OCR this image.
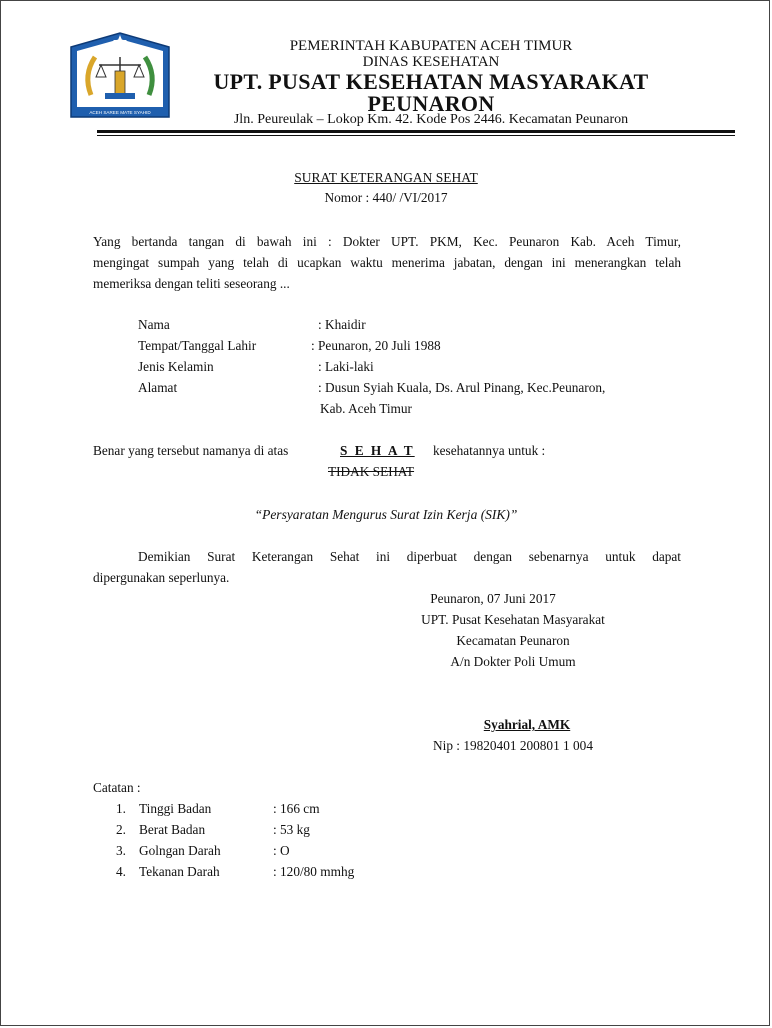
ACEH SAREE MATE SYAHID
PEMERINTAH KABUPATEN ACEH TIMUR
DINAS KESEHATAN
UPT. PUSAT KESEHATAN MASYARAKAT
PEUNARON
Jln. Peureulak – Lokop Km. 42. Kode Pos 2446. Kecamatan Peunaron
SURAT KETERANGAN SEHAT
Nomor : 440/ /VI/2017
Yang bertanda tangan di bawah ini : Dokter UPT. PKM, Kec. Peunaron Kab. Aceh Timur,
mengingat sumpah yang telah di ucapkan waktu menerima jabatan, dengan ini menerangkan telah
memeriksa dengan teliti seseorang ...
Nama	: Khaidir
Tempat/Tanggal Lahir	: Peunaron, 20 Juli 1988
Jenis Kelamin	: Laki-laki
Alamat	: Dusun Syiah Kuala, Ds. Arul Pinang, Kec.Peunaron,
Kab. Aceh Timur
Benar yang tersebut namanya di atas	S E H A T kesehatannya untuk :
TIDAK SEHAT
“Persyaratan Mengurus Surat Izin Kerja (SIK)”
Demikian Surat Keterangan Sehat ini diperbuat dengan sebenarnya untuk dapat
dipergunakan seperlunya.
Peunaron, 07 Juni 2017
UPT. Pusat Kesehatan Masyarakat
Kecamatan Peunaron
A/n Dokter Poli Umum
Syahrial, AMK
Nip : 19820401 200801 1 004
Catatan :
1. Tinggi Badan	: 166 cm
2. Berat Badan	: 53 kg
3. Golngan Darah	: O
4. Tekanan Darah	: 120/80 mmhg
